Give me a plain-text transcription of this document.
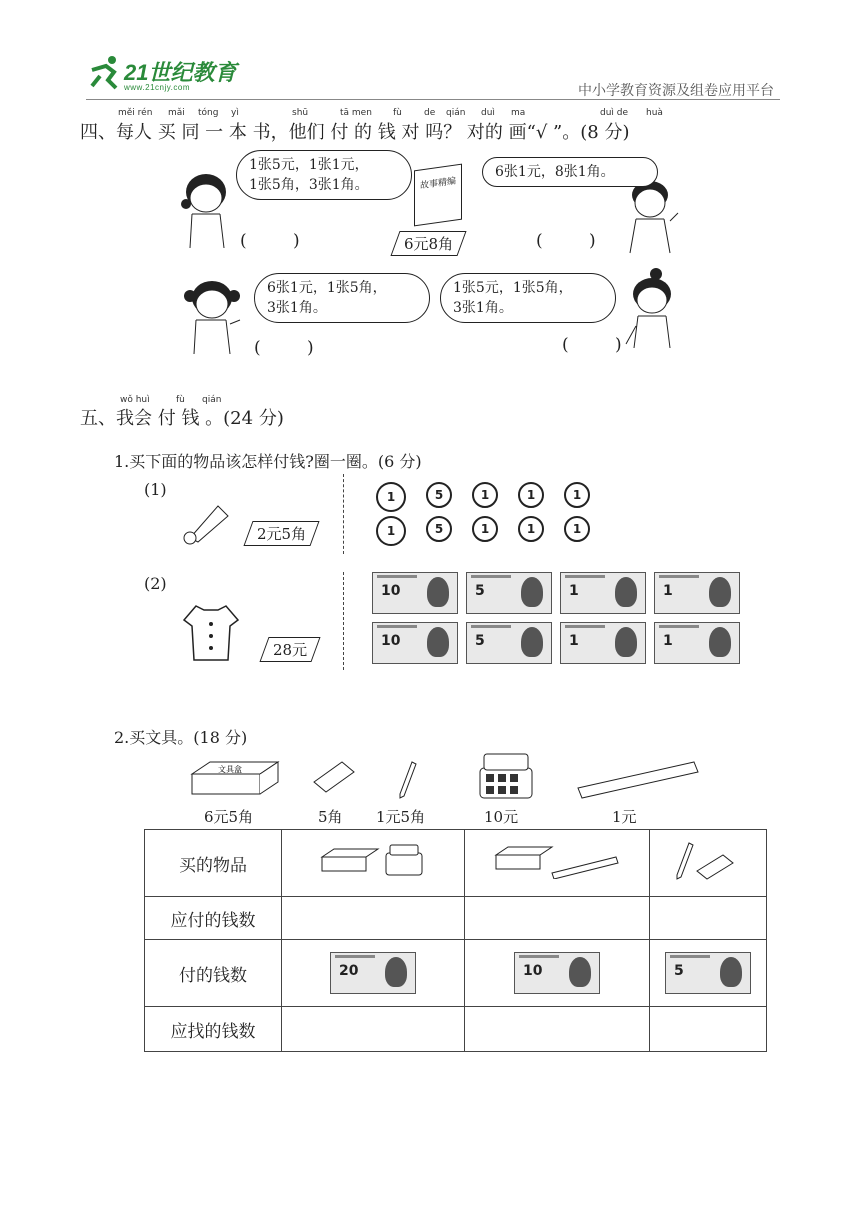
21世纪教育
www.21cnjy.com	中小学教育资源及组卷应用平台
měi rén mǎi tóng yì	shū	tā men fù de qián duì ma	duì de huà
四、每人 买 同 一 本 书，他们 付 的 钱 对 吗？ 对的 画“√ ”。(8 分)
1张5元，1张1元，
1张5角，3张1角。
6张1元，8张1角。
6张1元，1张5角，
3张1角。
1张5元，1张5角，
3张1角。
故事精编
6元8角
(      )	(      )
(      )	(      )
wǒ huì	fù qián
五、我会 付 钱 。(24 分)
1.买下面的物品该怎样付钱?圈一圈。(6 分)
(1)
2元5角
1	5	1	1	1
1	5	1	1	1
(2)
28元
10	5	1	1
10	5	1	1
2.买文具。(18 分)
文具盒
6元5角	5角 1元5角	10元	1元
买的物品			
应付的钱数			
付的钱数	20	10	5

应找的钱数			
